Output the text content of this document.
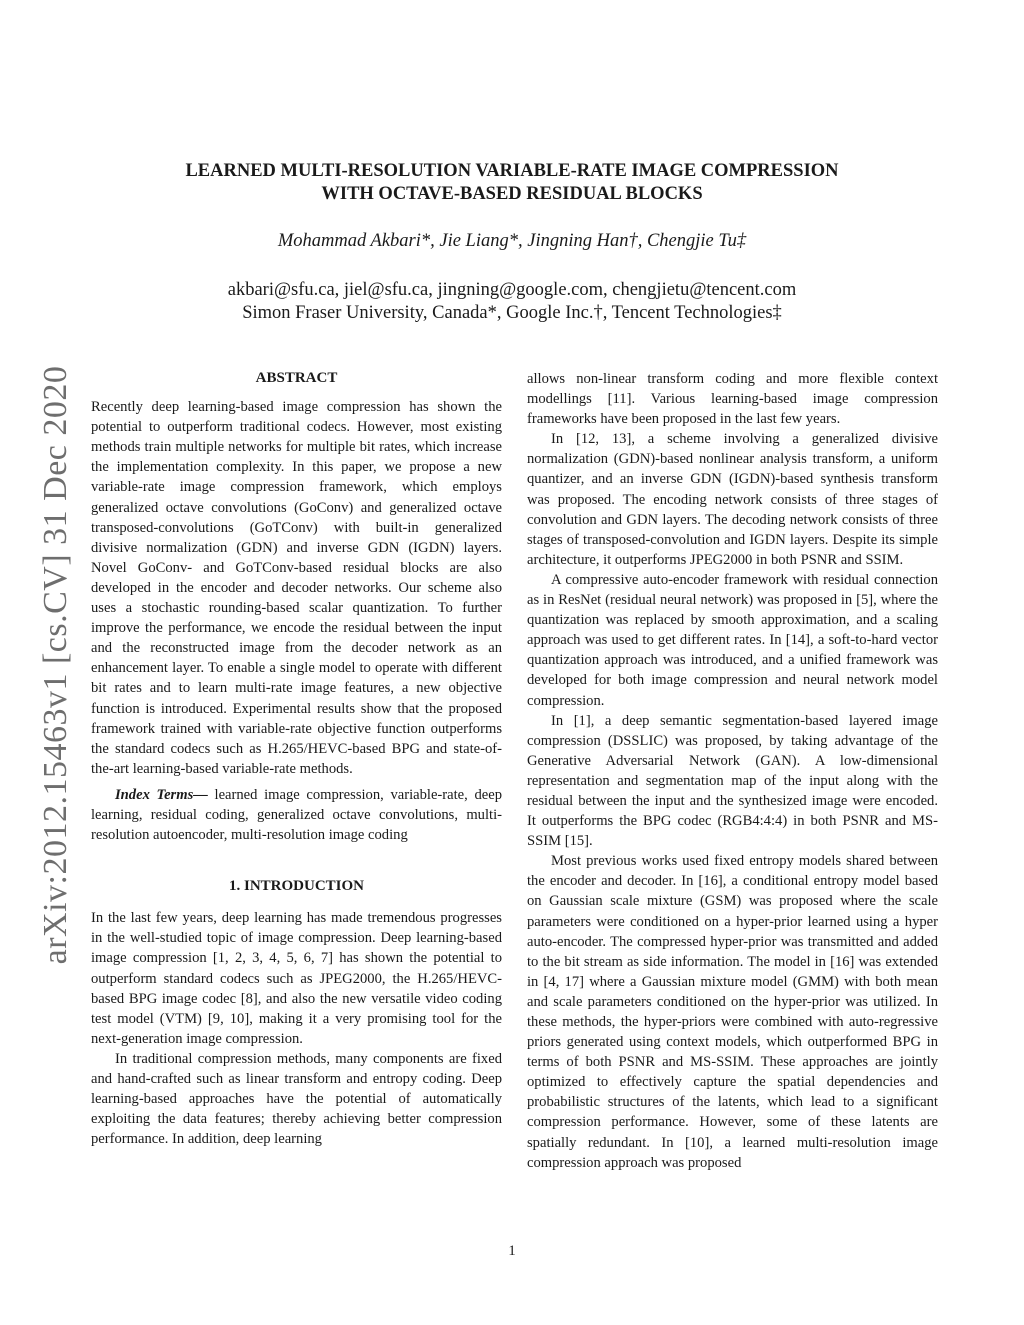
arXiv:2012.15463v1 [cs.CV] 31 Dec 2020
LEARNED MULTI-RESOLUTION VARIABLE-RATE IMAGE COMPRESSION
WITH OCTAVE-BASED RESIDUAL BLOCKS
Mohammad Akbari*, Jie Liang*, Jingning Han†, Chengjie Tu‡
akbari@sfu.ca, jiel@sfu.ca, jingning@google.com, chengjietu@tencent.com
Simon Fraser University, Canada*, Google Inc.†, Tencent Technologies‡
ABSTRACT

Recently deep learning-based image compression has shown the potential to outperform traditional codecs. However, most existing methods train multiple networks for multiple bit rates, which increase the implementation complexity. In this paper, we propose a new variable-rate image compression framework, which employs generalized octave convolutions (GoConv) and generalized octave transposed-convolutions (GoTConv) with built-in generalized divisive normalization (GDN) and inverse GDN (IGDN) layers. Novel GoConv- and GoTConv-based residual blocks are also developed in the encoder and decoder networks. Our scheme also uses a stochastic rounding-based scalar quantization. To further improve the performance, we encode the residual between the input and the reconstructed image from the decoder network as an enhancement layer. To enable a single model to operate with different bit rates and to learn multi-rate image features, a new objective function is introduced. Experimental results show that the proposed framework trained with variable-rate objective function outperforms the standard codecs such as H.265/HEVC-based BPG and state-of-the-art learning-based variable-rate methods.

Index Terms— learned image compression, variable-rate, deep learning, residual coding, generalized octave convolutions, multi-resolution autoencoder, multi-resolution image coding

1. INTRODUCTION

In the last few years, deep learning has made tremendous progresses in the well-studied topic of image compression. Deep learning-based image compression [1, 2, 3, 4, 5, 6, 7] has shown the potential to outperform standard codecs such as JPEG2000, the H.265/HEVC-based BPG image codec [8], and also the new versatile video coding test model (VTM) [9, 10], making it a very promising tool for the next-generation image compression.

In traditional compression methods, many components are fixed and hand-crafted such as linear transform and entropy coding. Deep learning-based approaches have the potential of automatically exploiting the data features; thereby achieving better compression performance. In addition, deep learning

allows non-linear transform coding and more flexible context modellings [11]. Various learning-based image compression frameworks have been proposed in the last few years.

In [12, 13], a scheme involving a generalized divisive normalization (GDN)-based nonlinear analysis transform, a uniform quantizer, and an inverse GDN (IGDN)-based synthesis transform was proposed. The encoding network consists of three stages of convolution and GDN layers. The decoding network consists of three stages of transposed-convolution and IGDN layers. Despite its simple architecture, it outperforms JPEG2000 in both PSNR and SSIM.

A compressive auto-encoder framework with residual connection as in ResNet (residual neural network) was proposed in [5], where the quantization was replaced by smooth approximation, and a scaling approach was used to get different rates. In [14], a soft-to-hard vector quantization approach was introduced, and a unified framework was developed for both image compression and neural network model compression.

In [1], a deep semantic segmentation-based layered image compression (DSSLIC) was proposed, by taking advantage of the Generative Adversarial Network (GAN). A low-dimensional representation and segmentation map of the input along with the residual between the input and the synthesized image were encoded. It outperforms the BPG codec (RGB4:4:4) in both PSNR and MS-SSIM [15].

Most previous works used fixed entropy models shared between the encoder and decoder. In [16], a conditional entropy model based on Gaussian scale mixture (GSM) was proposed where the scale parameters were conditioned on a hyper-prior learned using a hyper auto-encoder. The compressed hyper-prior was transmitted and added to the bit stream as side information. The model in [16] was extended in [4, 17] where a Gaussian mixture model (GMM) with both mean and scale parameters conditioned on the hyper-prior was utilized. In these methods, the hyper-priors were combined with auto-regressive priors generated using context models, which outperformed BPG in terms of both PSNR and MS-SSIM. These approaches are jointly optimized to effectively capture the spatial dependencies and probabilistic structures of the latents, which lead to a significant compression performance. However, some of these latents are spatially redundant. In [10], a learned multi-resolution image compression approach was proposed

1
